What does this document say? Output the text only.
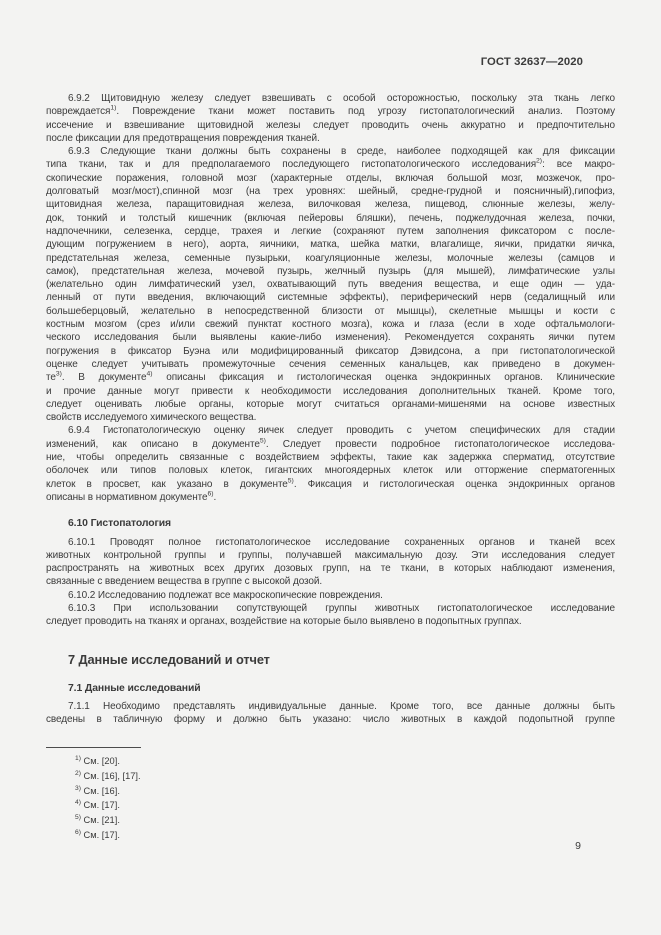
ГОСТ 32637—2020
6.9.2 Щитовидную железу следует взвешивать с особой осторожностью, поскольку эта ткань легко
повреждается$^{1)}$. Повреждение ткани может поставить под угрозу гистопатологический анализ. Поэтому
иссечение и взвешивание щитовидной железы следует проводить очень аккуратно и предпочтительно
после фиксации для предотвращения повреждения тканей.
6.9.3 Следующие ткани должны быть сохранены в среде, наиболее подходящей как для фиксации
типа ткани, так и для предполагаемого последующего гистопатологического исследования$^{2)}$: все макро-
скопические поражения, головной мозг (характерные отделы, включая большой мозг, мозжечок, про-
долговатый мозг/мост),спинной мозг (на трех уровнях: шейный, средне-грудной и поясничный),гипофиз,
щитовидная железа, паращитовидная железа, вилочковая железа, пищевод, слюнные железы, желу-
док, тонкий и толстый кишечник (включая пейеровы бляшки), печень, поджелудочная железа, почки,
надпочечники, селезенка, сердце, трахея и легкие (сохраняют путем заполнения фиксатором с после-
дующим погружением в него), аорта, яичники, матка, шейка матки, влагалище, яички, придатки яичка,
предстательная железа, семенные пузырьки, коагуляционные железы, молочные железы (самцов и
самок), предстательная железа, мочевой пузырь, желчный пузырь (для мышей), лимфатические узлы
(желательно один лимфатический узел, охватывающий путь введения вещества, и еще один — уда-
ленный от пути введения, включающий системные эффекты), периферический нерв (седалищный или
большеберцовый, желательно в непосредственной близости от мышцы), скелетные мышцы и кости с
костным мозгом (срез и/или свежий пунктат костного мозга), кожа и глаза (если в ходе офтальмологи-
ческого исследования были выявлены какие-либо изменения). Рекомендуется сохранять яички путем
погружения в фиксатор Буэна или модифицированный фиксатор Дэвидсона, а при гистопатологической
оценке следует учитывать промежуточные сечения семенных канальцев, как приведено в докумен-
$те^{3)}$. В документе$^{4)}$ описаны фиксация и гистологическая оценка эндокринных органов. Клинические
и прочие данные могут привести к необходимости исследования дополнительных тканей. Кроме того,
следует оценивать любые органы, которые могут считаться органами-мишенями на основе известных
свойств исследуемого химического вещества.
6.9.4 Гистопатологическую оценку яичек следует проводить с учетом специфических для стадии
изменений, как описано в документе$^{5)}$. Следует провести подробное гистопатологическое исследова-
ние, чтобы определить связанные с воздействием эффекты, такие как задержка сперматид, отсутствие
оболочек или типов половых клеток, гигантских многоядерных клеток или отторжение сперматогенных
клеток в просвет, как указано в документе$^{5)}$. Фиксация и гистологическая оценка эндокринных органов
описаны в нормативном документе$^{6)}$.
6.10 Гистопатология
6.10.1 Проводят полное гистопатологическое исследование сохраненных органов и тканей всех
животных контрольной группы и группы, получавшей максимальную дозу. Эти исследования следует
распространять на животных всех других дозовых групп, на те ткани, в которых наблюдают изменения,
связанные с введением вещества в группе с высокой дозой.
6.10.2 Исследованию подлежат все макроскопические повреждения.
6.10.3 При использовании сопутствующей группы животных гистопатологическое исследование
следует проводить на тканях и органах, воздействие на которые было выявлено в подопытных группах.
7 Данные исследований и отчет
7.1 Данные исследований
7.1.1 Необходимо представлять индивидуальные данные. Кроме того, все данные должны быть
сведены в табличную форму и должно быть указано: число животных в каждой подопытной группе
$^{1)}$ См. [20].
$^{2)}$ См. [16], [17].
$^{3)}$ См. [16].
$^{4)}$ См. [17].
$^{5)}$ См. [21].
$^{6)}$ См. [17].
9
